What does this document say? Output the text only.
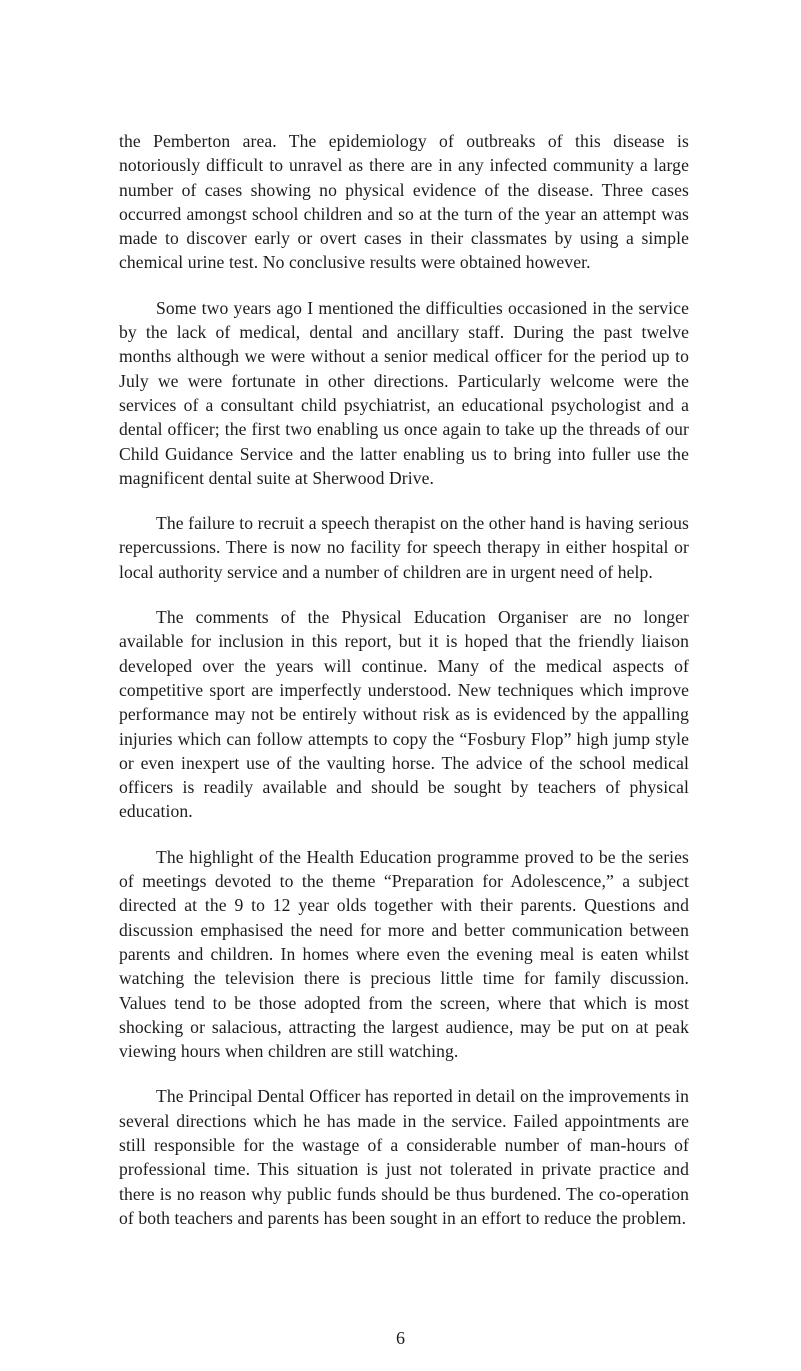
the Pemberton area. The epidemiology of outbreaks of this disease is notoriously difficult to unravel as there are in any infected community a large number of cases showing no physical evidence of the disease. Three cases occurred amongst school children and so at the turn of the year an attempt was made to discover early or overt cases in their classmates by using a simple chemical urine test. No conclusive results were obtained however.

Some two years ago I mentioned the difficulties occasioned in the service by the lack of medical, dental and ancillary staff. During the past twelve months although we were without a senior medical officer for the period up to July we were fortunate in other directions. Particularly welcome were the services of a consultant child psychiatrist, an educational psychologist and a dental officer; the first two enabling us once again to take up the threads of our Child Guidance Service and the latter enabling us to bring into fuller use the magnificent dental suite at Sherwood Drive.

The failure to recruit a speech therapist on the other hand is having serious repercussions. There is now no facility for speech therapy in either hospital or local authority service and a number of children are in urgent need of help.

The comments of the Physical Education Organiser are no longer available for inclusion in this report, but it is hoped that the friendly liaison developed over the years will continue. Many of the medical aspects of competitive sport are imperfectly understood. New techniques which improve performance may not be entirely without risk as is evidenced by the appalling injuries which can follow attempts to copy the “Fosbury Flop” high jump style or even inexpert use of the vaulting horse. The advice of the school medical officers is readily available and should be sought by teachers of physical education.

The highlight of the Health Education programme proved to be the series of meetings devoted to the theme “Preparation for Adolescence,” a subject directed at the 9 to 12 year olds together with their parents. Questions and discussion emphasised the need for more and better communication between parents and children. In homes where even the evening meal is eaten whilst watching the television there is precious little time for family discussion. Values tend to be those adopted from the screen, where that which is most shocking or salacious, attracting the largest audience, may be put on at peak viewing hours when children are still watching.

The Principal Dental Officer has reported in detail on the improvements in several directions which he has made in the service. Failed appointments are still responsible for the wastage of a considerable number of man-hours of professional time. This situation is just not tolerated in private practice and there is no reason why public funds should be thus burdened. The co-operation of both teachers and parents has been sought in an effort to reduce the problem.

6
